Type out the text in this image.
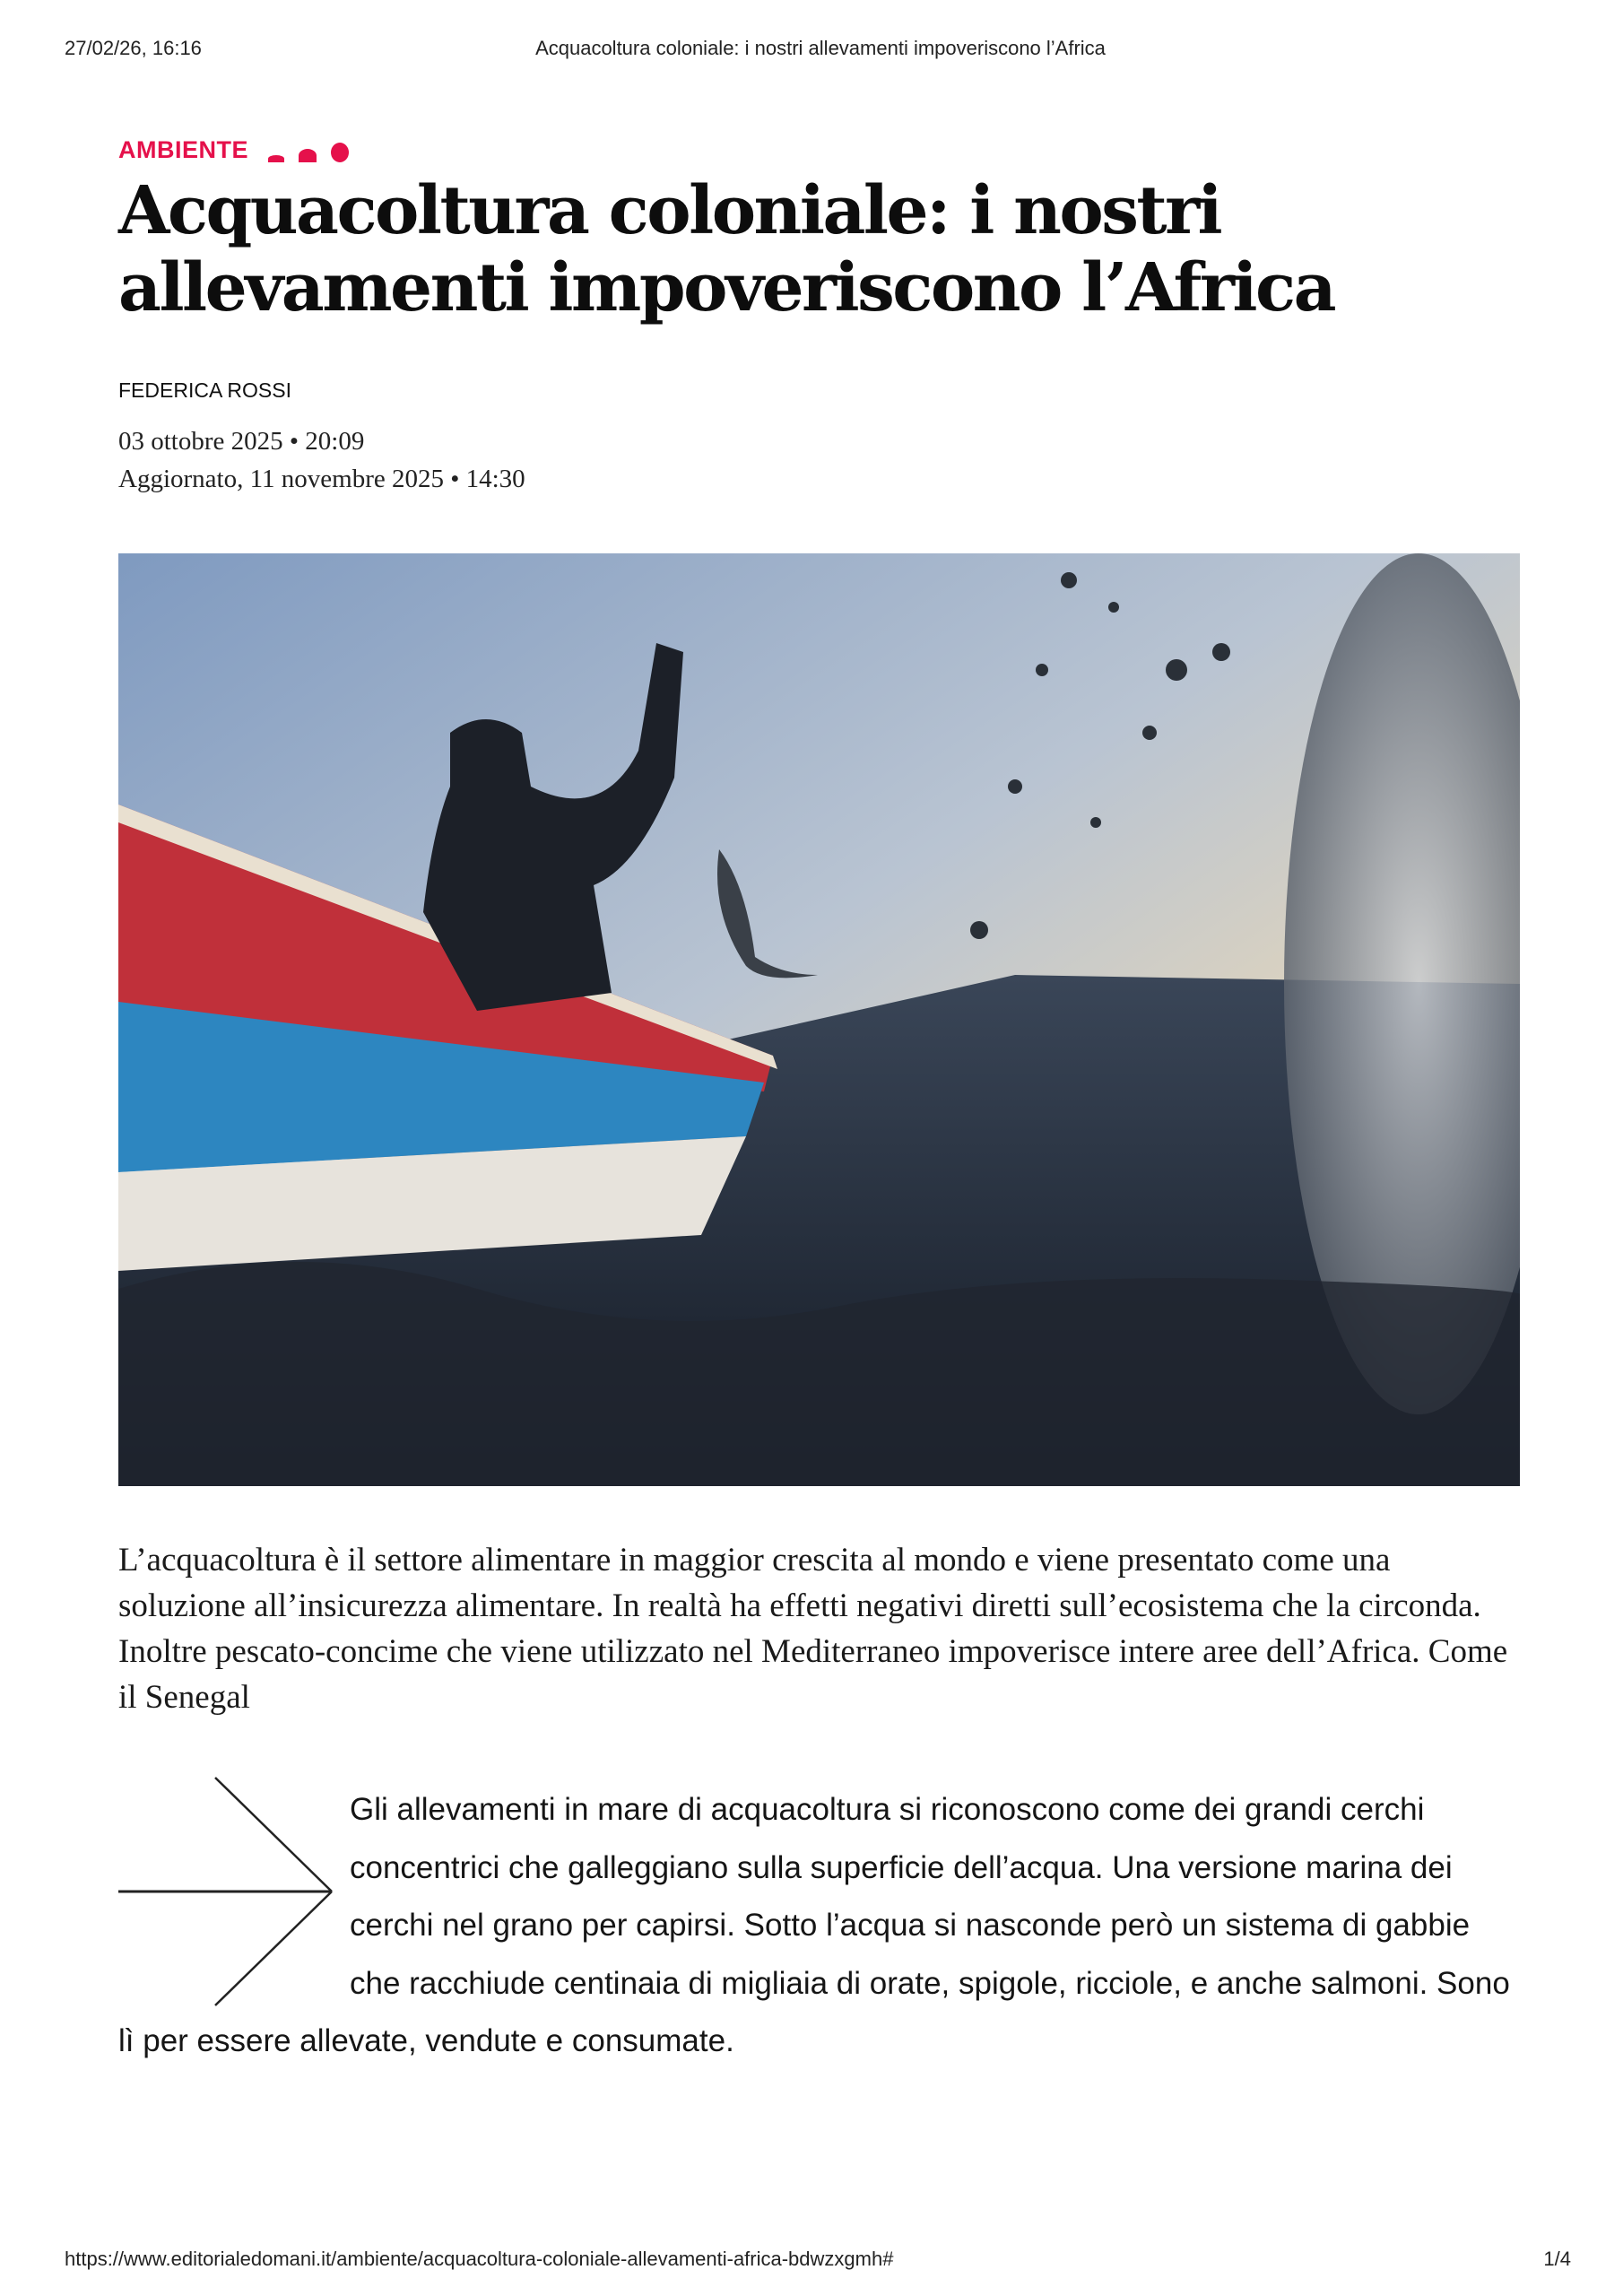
27/02/26, 16:16	Acquacoltura coloniale: i nostri allevamenti impoveriscono l’Africa
AMBIENTE
Acquacoltura coloniale: i nostri allevamenti impoveriscono l’Africa
FEDERICA ROSSI
03 ottobre 2025 • 20:09
Aggiornato, 11 novembre 2025 • 14:30

L’acquacoltura è il settore alimentare in maggior crescita al mondo e viene presentato come una soluzione all’insicurezza alimentare. In realtà ha effetti negativi diretti sull’ecosistema che la circonda. Inoltre pescato-concime che viene utilizzato nel Mediterraneo impoverisce intere aree dell’Africa. Come il Senegal

Gli allevamenti in mare di acquacoltura si riconoscono come dei grandi cerchi concentrici che galleggiano sulla superficie dell’acqua. Una versione marina dei cerchi nel grano per capirsi. Sotto l’acqua si nasconde però un sistema di gabbie che racchiude centinaia di migliaia di orate, spigole, ricciole, e anche salmoni. Sono lì per essere allevate, vendute e consumate.

https://www.editorialedomani.it/ambiente/acquacoltura-coloniale-allevamenti-africa-bdwzxgmh#	1/4
